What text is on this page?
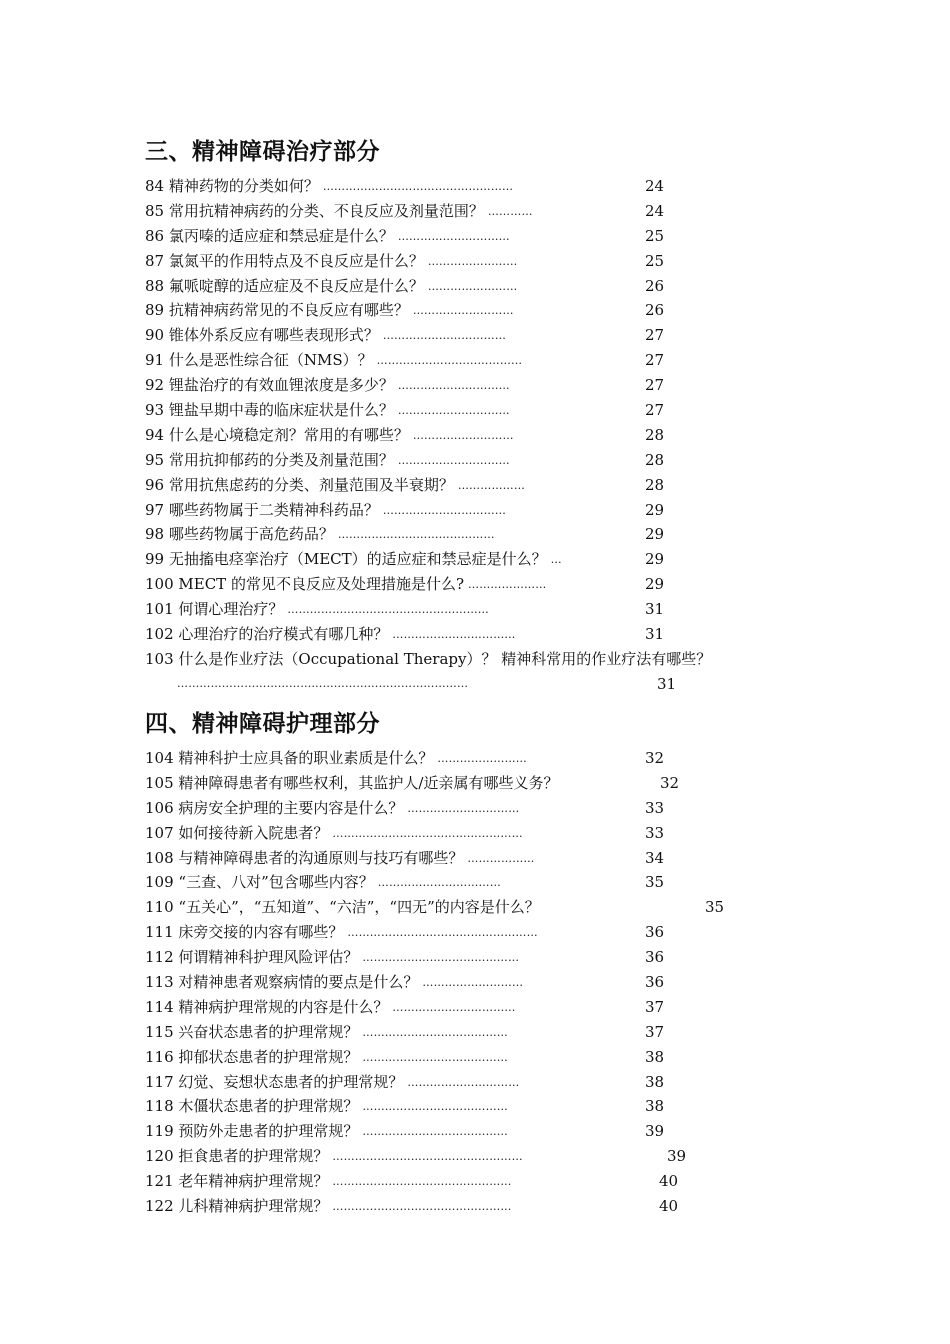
三、精神障碍治疗部分
84 精神药物的分类如何？ ……………………………………………	24
85 常用抗精神病药的分类、不良反应及剂量范围？ …………	24
86 氯丙嗪的适应症和禁忌症是什么？ …………………………	25
87 氯氮平的作用特点及不良反应是什么？ ……………………	25
88 氟哌啶醇的适应症及不良反应是什么？ ……………………	26
89 抗精神病药常见的不良反应有哪些？ ………………………	26
90 锥体外系反应有哪些表现形式？ ……………………………	27
91 什么是恶性综合征（NMS）？ …………………………………	27
92 锂盐治疗的有效血锂浓度是多少？ …………………………	27
93 锂盐早期中毒的临床症状是什么？ …………………………	27
94 什么是心境稳定剂？常用的有哪些？ ………………………	28
95 常用抗抑郁药的分类及剂量范围？ …………………………	28
96 常用抗焦虑药的分类、剂量范围及半衰期？ ………………	28
97 哪些药物属于二类精神科药品？ ……………………………	29
98 哪些药物属于高危药品？ ……………………………………	29
99 无抽搐电痉挛治疗（MECT）的适应症和禁忌症是什么？ …	29
100 MECT 的常见不良反应及处理措施是什么? …………………	29
101 何谓心理治疗？ ………………………………………………	31
102 心理治疗的治疗模式有哪几种？ ……………………………	31
103 什么是作业疗法（Occupational Therapy）？ 精神科常用的作业疗法有哪些？
……………………………………………………………………	31
四、精神障碍护理部分
104 精神科护士应具备的职业素质是什么？ ……………………	32
105 精神障碍患者有哪些权利，其监护人/近亲属有哪些义务？	32
106 病房安全护理的主要内容是什么？ …………………………	33
107 如何接待新入院患者？ ……………………………………………	33
108 与精神障碍患者的沟通原则与技巧有哪些？ ………………	34
109 “三查、八对”包含哪些内容？ ……………………………	35
110 “五关心”，“五知道”、“六洁”，“四无”的内容是什么？	35
111 床旁交接的内容有哪些？ ……………………………………………	36
112 何谓精神科护理风险评估？ ……………………………………	36
113 对精神患者观察病情的要点是什么？ ………………………	36
114 精神病护理常规的内容是什么？ ……………………………	37
115 兴奋状态患者的护理常规？ …………………………………	37
116 抑郁状态患者的护理常规？ …………………………………	38
117 幻觉、妄想状态患者的护理常规？ …………………………	38
118 木僵状态患者的护理常规？ …………………………………	38
119 预防外走患者的护理常规？ …………………………………	39
120 拒食患者的护理常规？ ……………………………………………	39
121 老年精神病护理常规？ …………………………………………	40
122 儿科精神病护理常规？ …………………………………………	40
